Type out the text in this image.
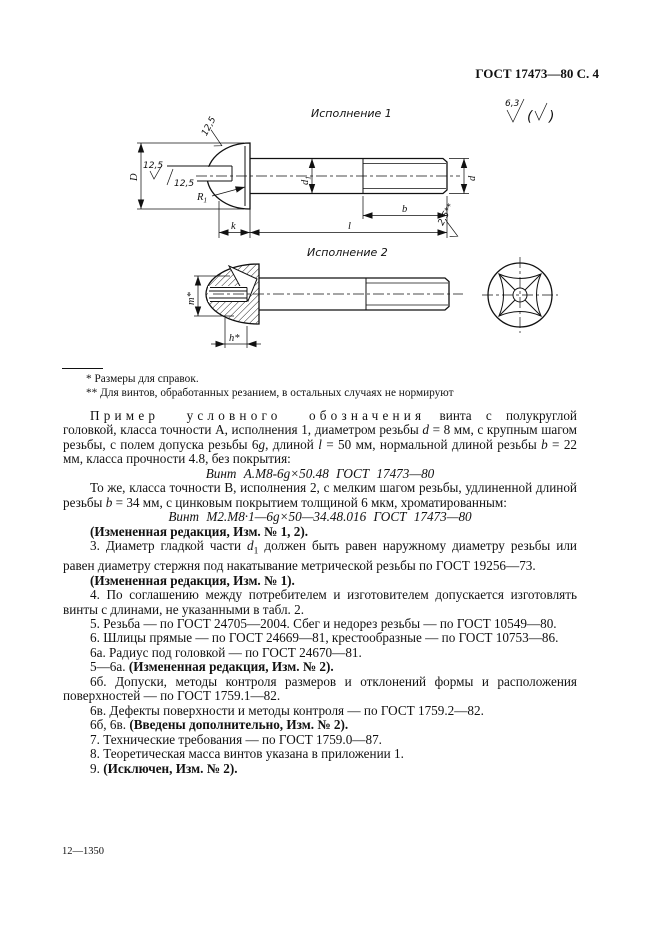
ГОСТ 17473—80 С. 4
6,3
( )
Исполнение 1
D
k	l
b
$d_1$	d
$R_1$
12,5
12,5
12,5
2,5**
Исполнение 2
m*
h*
* Размеры для справок.
** Для винтов, обработанных резанием, в остальных случаях не нормируют

Пример условного обозначения винта с полукруглой головкой, класса точности А, исполнения 1, диаметром резьбы d = 8 мм, с крупным шагом резьбы, с полем допуска резьбы 6g, длиной l = 50 мм, нормальной длиной резьбы b = 22 мм, класса прочности 4.8, без покрытия:

Винт А.М8-6g×50.48 ГОСТ 17473—80

То же, класса точности В, исполнения 2, с мелким шагом резьбы, удлиненной длиной резьбы b = 34 мм, с цинковым покрытием толщиной 6 мкм, хроматированным:

Винт М2.М8·1—6g×50—34.48.016 ГОСТ 17473—80

(Измененная редакция, Изм. № 1, 2).

3. Диаметр гладкой части $d_1$ должен быть равен наружному диаметру резьбы или равен диаметру стержня под накатывание метрической резьбы по ГОСТ 19256—73.

(Измененная редакция, Изм. № 1).

4. По соглашению между потребителем и изготовителем допускается изготовлять винты с длинами, не указанными в табл. 2.

5. Резьба — по ГОСТ 24705—2004. Сбег и недорез резьбы — по ГОСТ 10549—80.

6. Шлицы прямые — по ГОСТ 24669—81, крестообразные — по ГОСТ 10753—86.

6а. Радиус под головкой — по ГОСТ 24670—81.

5—6а. (Измененная редакция, Изм. № 2).

6б. Допуски, методы контроля размеров и отклонений формы и расположения поверхностей — по ГОСТ 1759.1—82.

6в. Дефекты поверхности и методы контроля — по ГОСТ 1759.2—82.

6б, 6в. (Введены дополнительно, Изм. № 2).

7. Технические требования — по ГОСТ 1759.0—87.

8. Теоретическая масса винтов указана в приложении 1.

9. (Исключен, Изм. № 2).

12—1350
